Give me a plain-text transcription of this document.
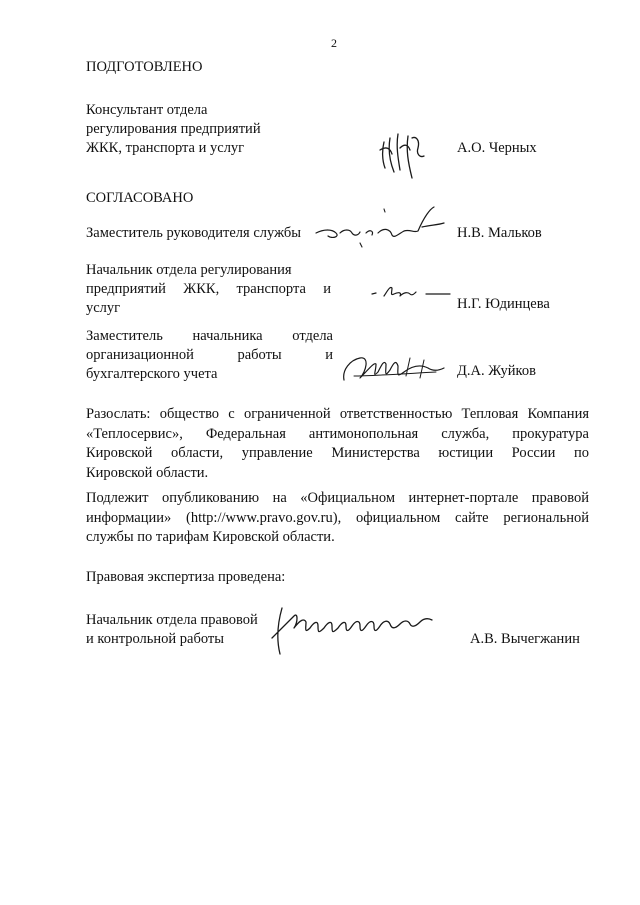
2
ПОДГОТОВЛЕНО
Консультант отдела
регулирования предприятий
ЖКК, транспорта и услуг	А.О. Черных
СОГЛАСОВАНО
Заместитель руководителя службы	Н.В. Мальков
Начальник отдела регулирования
предприятий ЖКК, транспорта и
услуг	Н.Г. Юдинцева
Заместитель начальника отдела
организационной работы и
бухгалтерского учета	Д.А. Жуйков
Разослать: общество с ограниченной ответственностью Тепловая Компания
«Теплосервис», Федеральная антимонопольная служба, прокуратура
Кировской области, управление Министерства юстиции России по
Кировской области.
Подлежит опубликованию на «Официальном интернет-портале правовой
информации» (http://www.pravo.gov.ru), официальном сайте региональной
службы по тарифам Кировской области.
Правовая экспертиза проведена:
Начальник отдела правовой
и контрольной работы	А.В. Вычегжанин
